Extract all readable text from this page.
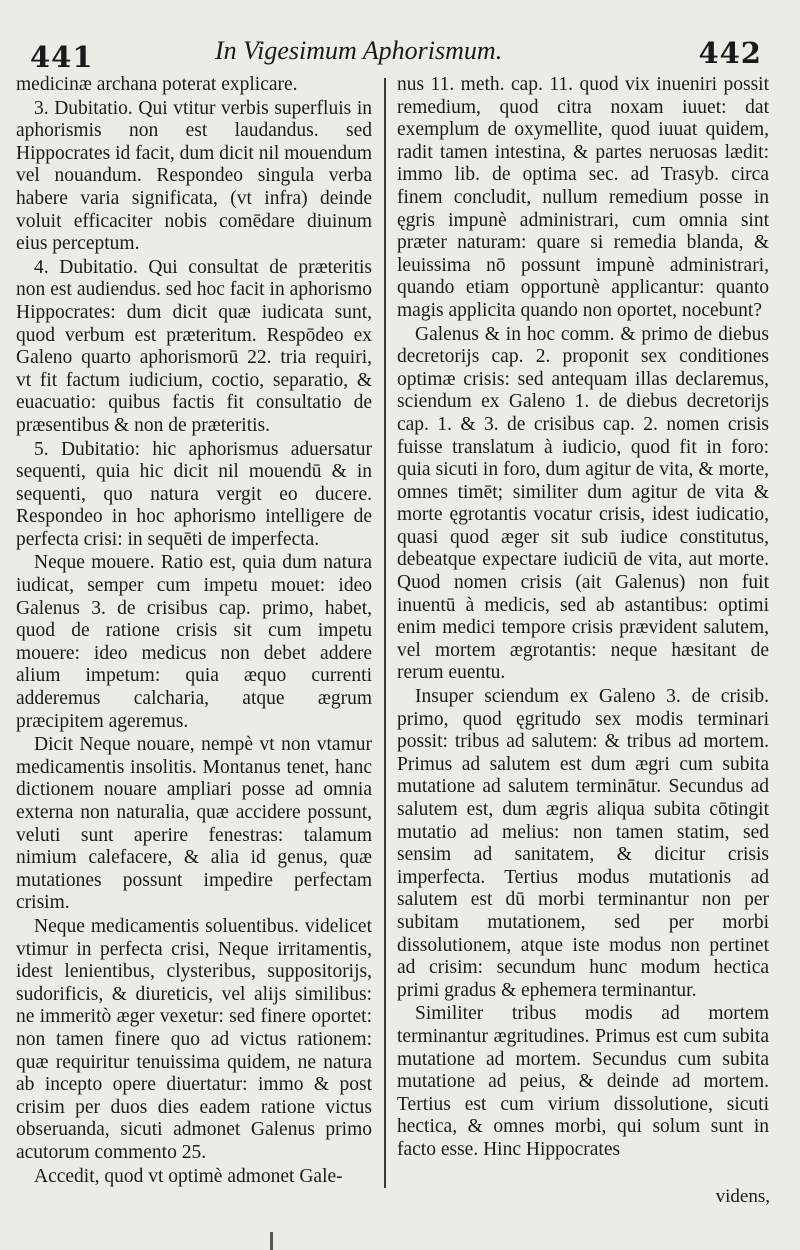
441	In Vigesimum Aphorismum.	442

medicinæ archana poterat explicare.

3. Dubitatio. Qui vtitur verbis superfluis in aphorismis non est laudandus. sed Hippocrates id facit, dum dicit nil mouendum vel nouandum. Respondeo singula verba habere varia significata, (vt infra) deinde voluit efficaciter nobis comēdare diuinum eius perceptum.

4. Dubitatio. Qui consultat de præteritis non est audiendus. sed hoc facit in aphorismo Hippocrates: dum dicit quæ iudicata sunt, quod verbum est præteritum. Respōdeo ex Galeno quarto aphorismorū 22. tria requiri, vt fit factum iudicium, coctio, separatio, & euacuatio: quibus factis fit consultatio de præsentibus & non de præteritis.

5. Dubitatio: hic aphorismus aduersatur sequenti, quia hic dicit nil mouendū & in sequenti, quo natura vergit eo ducere. Respondeo in hoc aphorismo intelligere de perfecta crisi: in sequēti de imperfecta.

Neque mouere. Ratio est, quia dum natura iudicat, semper cum impetu mouet: ideo Galenus 3. de crisibus cap. primo, habet, quod de ratione crisis sit cum impetu mouere: ideo medicus non debet addere alium impetum: quia æquo currenti adderemus calcharia, atque ægrum præcipitem ageremus.

Dicit Neque nouare, nempè vt non vtamur medicamentis insolitis. Montanus tenet, hanc dictionem nouare ampliari posse ad omnia externa non naturalia, quæ accidere possunt, veluti sunt aperire fenestras: talamum nimium calefacere, & alia id genus, quæ mutationes possunt impedire perfectam crisim.

Neque medicamentis soluentibus. videlicet vtimur in perfecta crisi, Neque irritamentis, idest lenientibus, clysteribus, suppositorijs, sudorificis, & diureticis, vel alijs similibus: ne immeritò æger vexetur: sed finere oportet: non tamen finere quo ad victus rationem: quæ requiritur tenuissima quidem, ne natura ab incepto opere diuertatur: immo & post crisim per duos dies eadem ratione victus obseruanda, sicuti admonet Galenus primo acutorum commento 25.

Accedit, quod vt optimè admonet Gale-

nus 11. meth. cap. 11. quod vix inueniri possit remedium, quod citra noxam iuuet: dat exemplum de oxymellite, quod iuuat quidem, radit tamen intestina, & partes neruosas lædit: immo lib. de optima sec. ad Trasyb. circa finem concludit, nullum remedium posse in ęgris impunè administrari, cum omnia sint præter naturam: quare si remedia blanda, & leuissima nō possunt impunè administrari, quando etiam opportunè applicantur: quanto magis applicita quando non oportet, nocebunt?

Galenus & in hoc comm. & primo de diebus decretorijs cap. 2. proponit sex conditiones optimæ crisis: sed antequam illas declaremus, sciendum ex Galeno 1. de diebus decretorijs cap. 1. & 3. de crisibus cap. 2. nomen crisis fuisse translatum à iudicio, quod fit in foro: quia sicuti in foro, dum agitur de vita, & morte, omnes timēt; similiter dum agitur de vita & morte ęgrotantis vocatur crisis, idest iudicatio, quasi quod æger sit sub iudice constitutus, debeatque expectare iudiciū de vita, aut morte. Quod nomen crisis (ait Galenus) non fuit inuentū à medicis, sed ab astantibus: optimi enim medici tempore crisis prævident salutem, vel mortem ægrotantis: neque hæsitant de rerum euentu.

Insuper sciendum ex Galeno 3. de crisib. primo, quod ęgritudo sex modis terminari possit: tribus ad salutem: & tribus ad mortem. Primus ad salutem est dum ægri cum subita mutatione ad salutem terminātur. Secundus ad salutem est, dum ægris aliqua subita cōtingit mutatio ad melius: non tamen statim, sed sensim ad sanitatem, & dicitur crisis imperfecta. Tertius modus mutationis ad salutem est dū morbi terminantur non per subitam mutationem, sed per morbi dissolutionem, atque iste modus non pertinet ad crisim: secundum hunc modum hectica primi gradus & ephemera terminantur.

Similiter tribus modis ad mortem terminantur ægritudines. Primus est cum subita mutatione ad mortem. Secundus cum subita mutatione ad peius, & deinde ad mortem. Tertius est cum virium dissolutione, sicuti hectica, & omnes morbi, qui solum sunt in facto esse. Hinc Hippocrates

videns,
